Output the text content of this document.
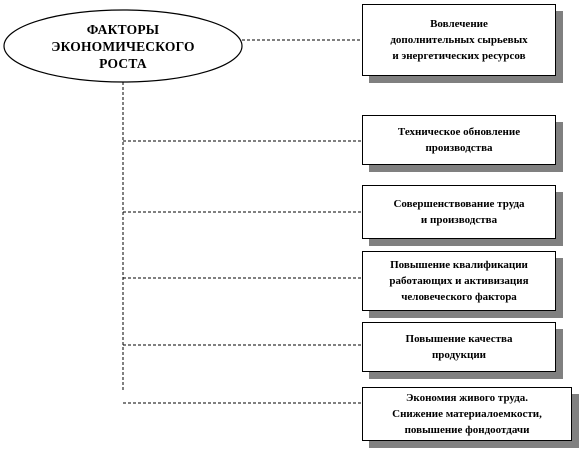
ФАКТОРЫ
ЭКОНОМИЧЕСКОГО
РОСТА
Вовлечение
дополнительных сырьевых
и энергетических ресурсов
Техническое обновление
производства
Совершенствование труда
и производства
Повышение квалификации
работающих и активизация
человеческого фактора
Повышение качества
продукции
Экономия живого труда.
Снижение материалоемкости,
повышение фондоотдачи
